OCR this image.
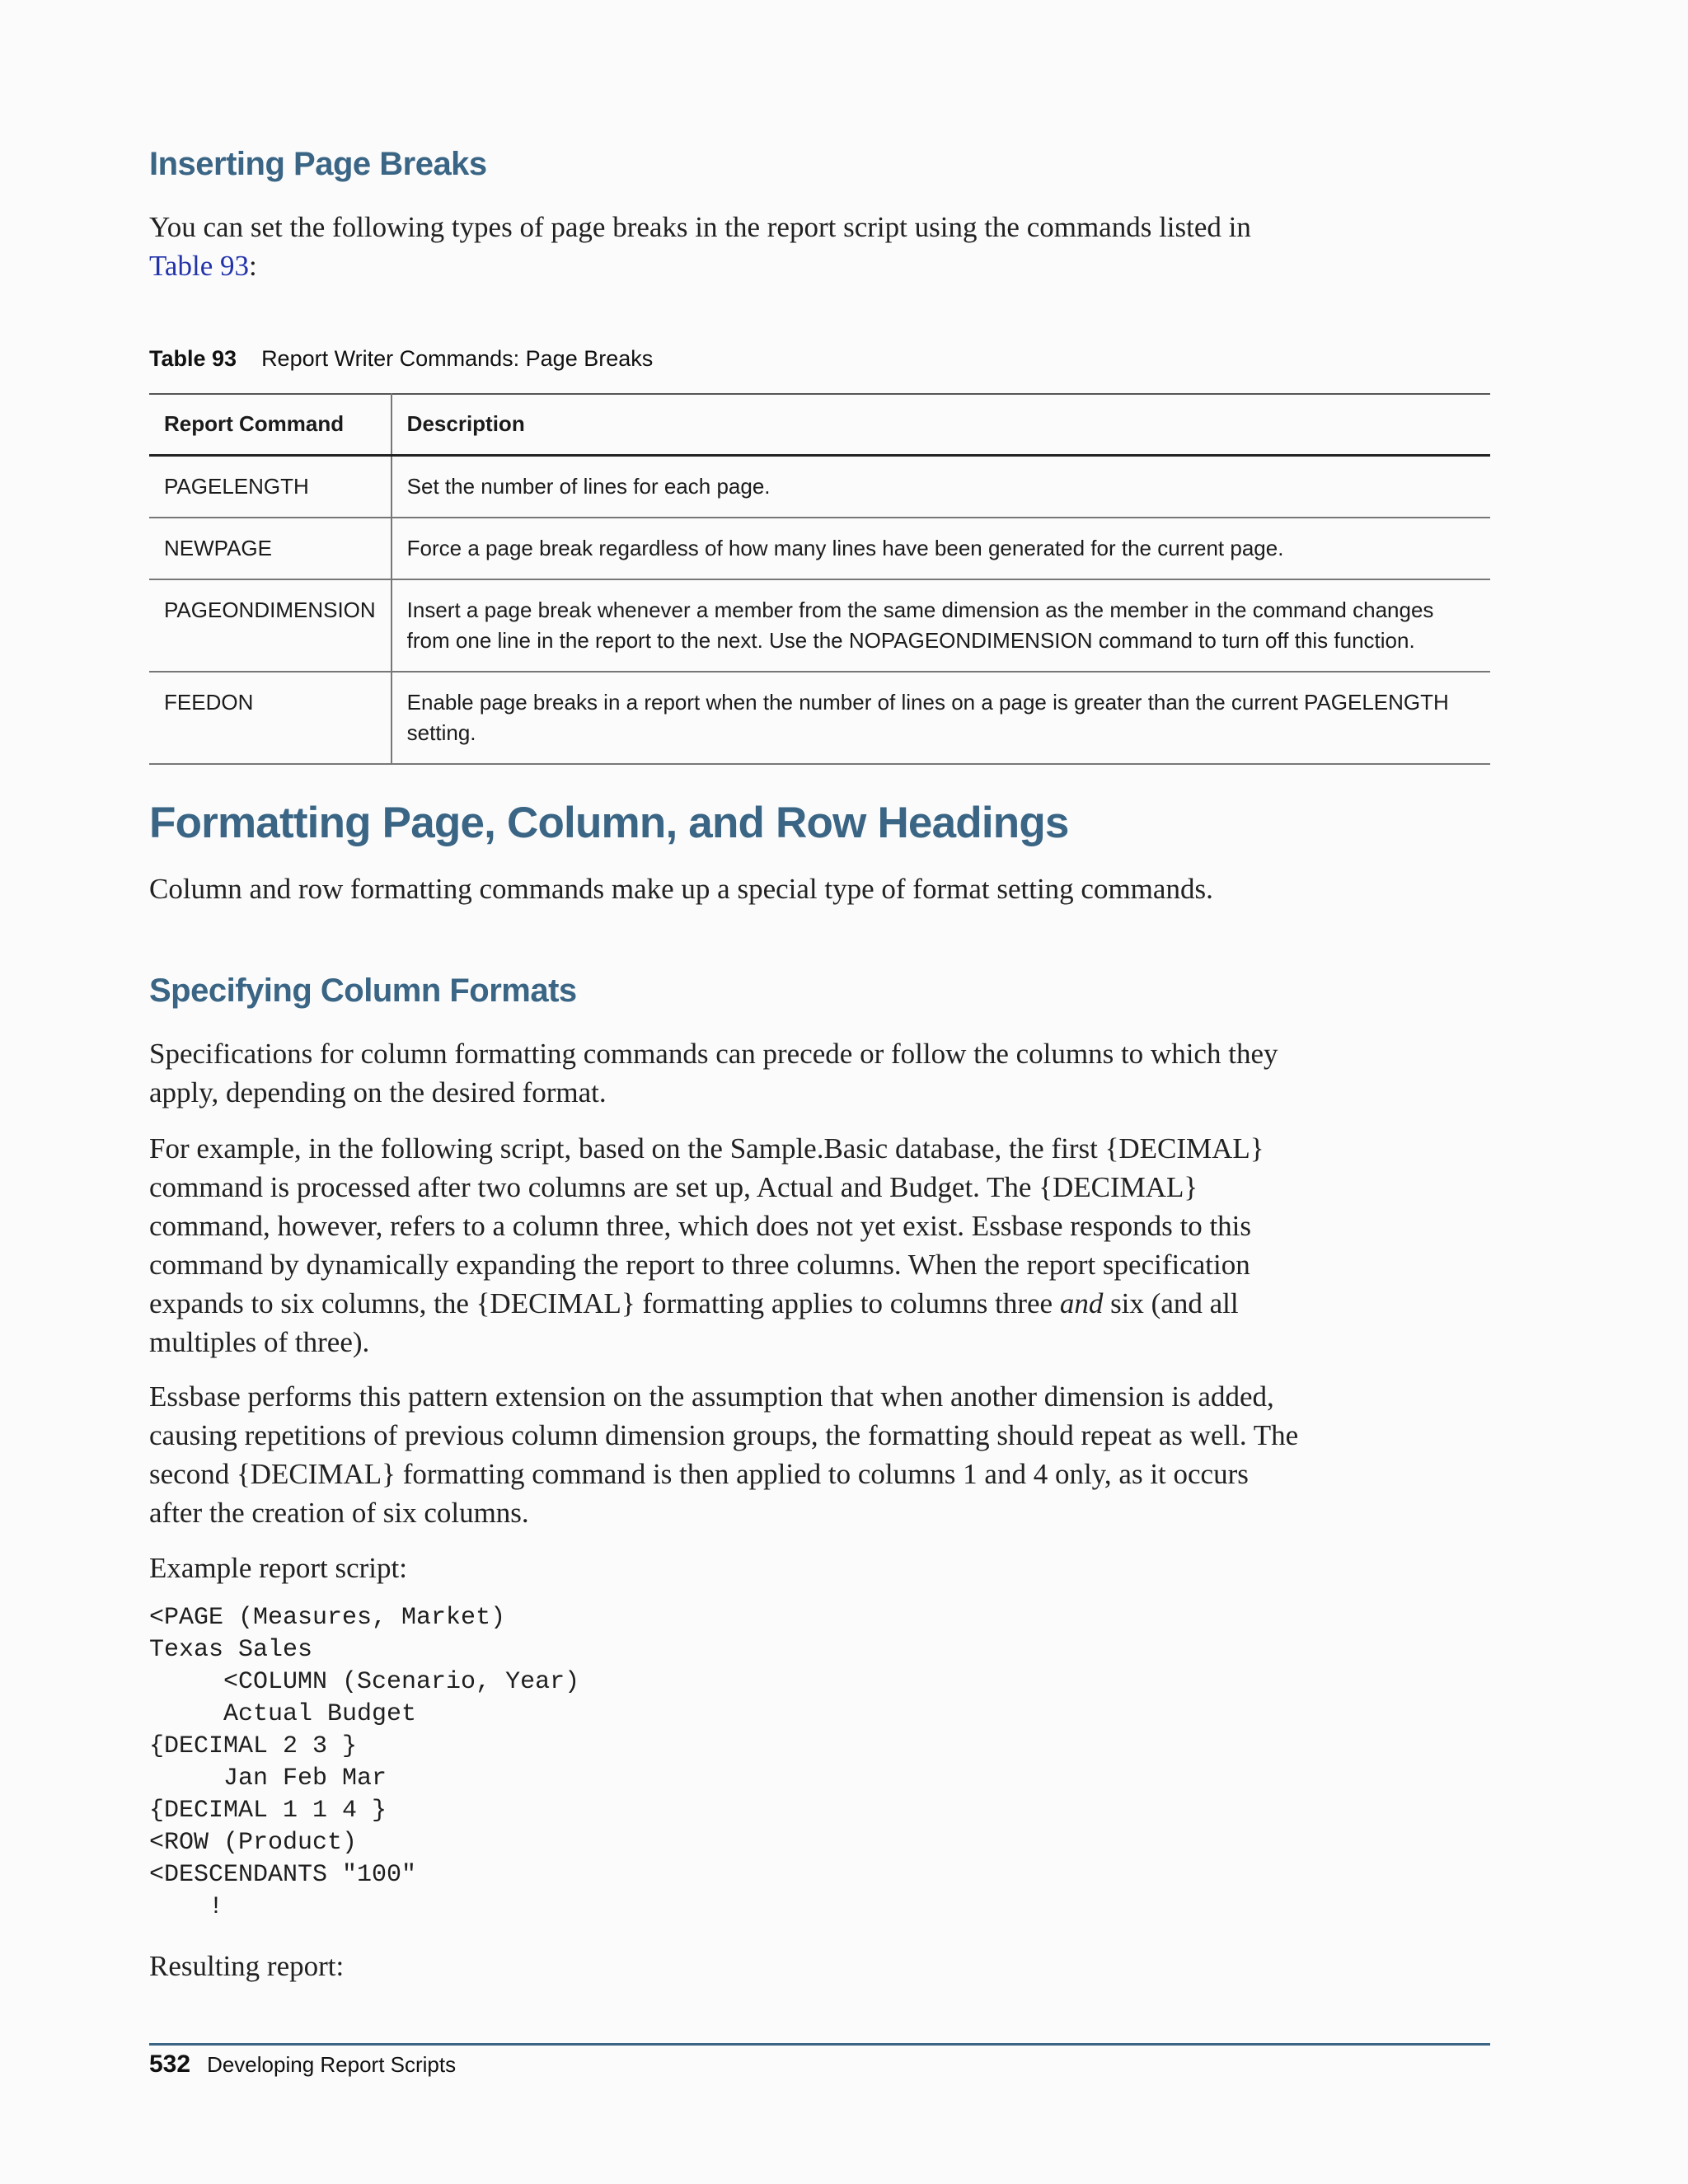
Inserting Page Breaks

You can set the following types of page breaks in the report script using the commands listed in
Table 93:

Table 93 Report Writer Commands: Page Breaks

Report Command	Description
PAGELENGTH	Set the number of lines for each page.
NEWPAGE	Force a page break regardless of how many lines have been generated for the current page.
PAGEONDIMENSION	Insert a page break whenever a member from the same dimension as the member in the command changes from one line in the report to the next. Use the NOPAGEONDIMENSION command to turn off this function.
FEEDON	Enable page breaks in a report when the number of lines on a page is greater than the current PAGELENGTH setting.
Formatting Page, Column, and Row Headings

Column and row formatting commands make up a special type of format setting commands.

Specifying Column Formats

Specifications for column formatting commands can precede or follow the columns to which they apply, depending on the desired format.

For example, in the following script, based on the Sample.Basic database, the first {DECIMAL} command is processed after two columns are set up, Actual and Budget. The {DECIMAL} command, however, refers to a column three, which does not yet exist. Essbase responds to this command by dynamically expanding the report to three columns. When the report specification expands to six columns, the {DECIMAL} formatting applies to columns three and six (and all multiples of three).

Essbase performs this pattern extension on the assumption that when another dimension is added, causing repetitions of previous column dimension groups, the formatting should repeat as well. The second {DECIMAL} formatting command is then applied to columns 1 and 4 only, as it occurs after the creation of six columns.

Example report script:

<PAGE (Measures, Market)
Texas Sales
<COLUMN (Scenario, Year)
Actual Budget
{DECIMAL 2 3 }
Jan Feb Mar
{DECIMAL 1 1 4 }
<ROW (Product)
<DESCENDANTS "100"
!

Resulting report:

532 Developing Report Scripts
